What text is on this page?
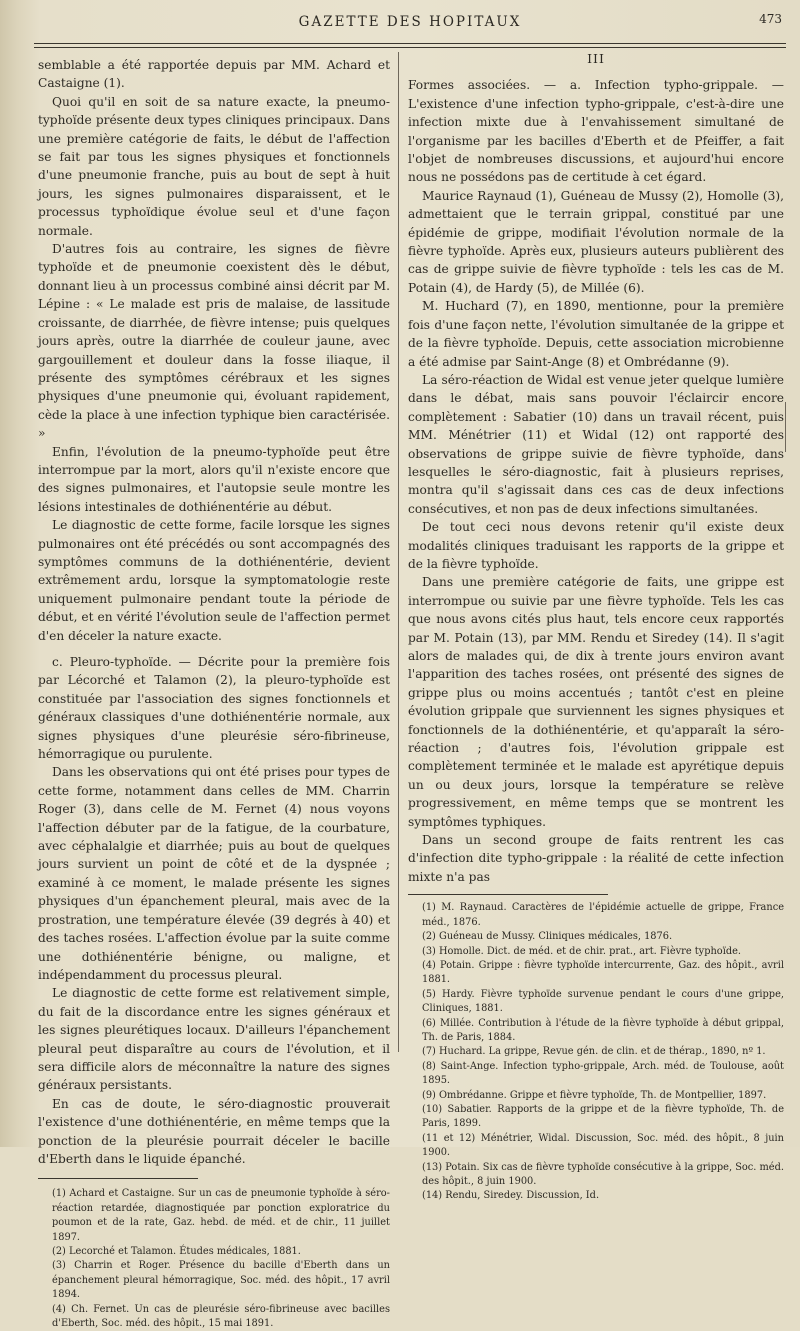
GAZETTE DES HOPITAUX	473

semblable a été rapportée depuis par MM. Achard et Castaigne (1).

Quoi qu'il en soit de sa nature exacte, la pneumo-typhoïde présente deux types cliniques principaux. Dans une première catégorie de faits, le début de l'affection se fait par tous les signes physiques et fonctionnels d'une pneumonie franche, puis au bout de sept à huit jours, les signes pulmonaires disparaissent, et le processus typhoïdique évolue seul et d'une façon normale.

D'autres fois au contraire, les signes de fièvre typhoïde et de pneumonie coexistent dès le début, donnant lieu à un processus combiné ainsi décrit par M. Lépine : « Le malade est pris de malaise, de lassitude croissante, de diarrhée, de fièvre intense; puis quelques jours après, outre la diarrhée de couleur jaune, avec gargouillement et douleur dans la fosse iliaque, il présente des symptômes cérébraux et les signes physiques d'une pneumonie qui, évoluant rapidement, cède la place à une infection typhique bien caractérisée. »

Enfin, l'évolution de la pneumo-typhoïde peut être interrompue par la mort, alors qu'il n'existe encore que des signes pulmonaires, et l'autopsie seule montre les lésions intestinales de dothiénentérie au début.

Le diagnostic de cette forme, facile lorsque les signes pulmonaires ont été précédés ou sont accompagnés des symptômes communs de la dothiénentérie, devient extrêmement ardu, lorsque la symptomatologie reste uniquement pulmonaire pendant toute la période de début, et en vérité l'évolution seule de l'affection permet d'en déceler la nature exacte.

c. Pleuro-typhoïde. — Décrite pour la première fois par Lécorché et Talamon (2), la pleuro-typhoïde est constituée par l'association des signes fonctionnels et généraux classiques d'une dothiénentérie normale, aux signes physiques d'une pleurésie séro-fibrineuse, hémorragique ou purulente.

Dans les observations qui ont été prises pour types de cette forme, notamment dans celles de MM. Charrin Roger (3), dans celle de M. Fernet (4) nous voyons l'affection débuter par de la fatigue, de la courbature, avec céphalalgie et diarrhée; puis au bout de quelques jours survient un point de côté et de la dyspnée ; examiné à ce moment, le malade présente les signes physiques d'un épanchement pleural, mais avec de la prostration, une température élevée (39 degrés à 40) et des taches rosées. L'affection évolue par la suite comme une dothiénentérie bénigne, ou maligne, et indépendamment du processus pleural.

Le diagnostic de cette forme est relativement simple, du fait de la discordance entre les signes généraux et les signes pleurétiques locaux. D'ailleurs l'épanchement pleural peut disparaître au cours de l'évolution, et il sera difficile alors de méconnaître la nature des signes généraux persistants.

En cas de doute, le séro-diagnostic prouverait l'existence d'une dothiénentérie, en même temps que la ponction de la pleurésie pourrait déceler le bacille d'Eberth dans le liquide épanché.

(1) Achard et Castaigne. Sur un cas de pneumonie typhoïde à séro-réaction retardée, diagnostiquée par ponction exploratrice du poumon et de la rate, Gaz. hebd. de méd. et de chir., 11 juillet 1897.

(2) Lecorché et Talamon. Études médicales, 1881.

(3) Charrin et Roger. Présence du bacille d'Eberth dans un épanchement pleural hémorragique, Soc. méd. des hôpit., 17 avril 1894.

(4) Ch. Fernet. Un cas de pleurésie séro-fibrineuse avec bacilles d'Eberth, Soc. méd. des hôpit., 15 mai 1891.

III

Formes associées. — a. Infection typho-grippale. — L'existence d'une infection typho-grippale, c'est-à-dire une infection mixte due à l'envahissement simultané de l'organisme par les bacilles d'Eberth et de Pfeiffer, a fait l'objet de nombreuses discussions, et aujourd'hui encore nous ne possédons pas de certitude à cet égard.

Maurice Raynaud (1), Guéneau de Mussy (2), Homolle (3), admettaient que le terrain grippal, constitué par une épidémie de grippe, modifiait l'évolution normale de la fièvre typhoïde. Après eux, plusieurs auteurs publièrent des cas de grippe suivie de fièvre typhoïde : tels les cas de M. Potain (4), de Hardy (5), de Millée (6).

M. Huchard (7), en 1890, mentionne, pour la première fois d'une façon nette, l'évolution simultanée de la grippe et de la fièvre typhoïde. Depuis, cette association microbienne a été admise par Saint-Ange (8) et Ombrédanne (9).

La séro-réaction de Widal est venue jeter quelque lumière dans le débat, mais sans pouvoir l'éclaircir encore complètement : Sabatier (10) dans un travail récent, puis MM. Ménétrier (11) et Widal (12) ont rapporté des observations de grippe suivie de fièvre typhoïde, dans lesquelles le séro-diagnostic, fait à plusieurs reprises, montra qu'il s'agissait dans ces cas de deux infections consécutives, et non pas de deux infections simultanées.

De tout ceci nous devons retenir qu'il existe deux modalités cliniques traduisant les rapports de la grippe et de la fièvre typhoïde.

Dans une première catégorie de faits, une grippe est interrompue ou suivie par une fièvre typhoïde. Tels les cas que nous avons cités plus haut, tels encore ceux rapportés par M. Potain (13), par MM. Rendu et Siredey (14). Il s'agit alors de malades qui, de dix à trente jours environ avant l'apparition des taches rosées, ont présenté des signes de grippe plus ou moins accentués ; tantôt c'est en pleine évolution grippale que surviennent les signes physiques et fonctionnels de la dothiénentérie, et qu'apparaît la séro-réaction ; d'autres fois, l'évolution grippale est complètement terminée et le malade est apyrétique depuis un ou deux jours, lorsque la température se relève progressivement, en même temps que se montrent les symptômes typhiques.

Dans un second groupe de faits rentrent les cas d'infection dite typho-grippale : la réalité de cette infection mixte n'a pas

(1) M. Raynaud. Caractères de l'épidémie actuelle de grippe, France méd., 1876.

(2) Guéneau de Mussy. Cliniques médicales, 1876.

(3) Homolle. Dict. de méd. et de chir. prat., art. Fièvre typhoïde.

(4) Potain. Grippe : fièvre typhoïde intercurrente, Gaz. des hôpit., avril 1881.

(5) Hardy. Fièvre typhoïde survenue pendant le cours d'une grippe, Cliniques, 1881.

(6) Millée. Contribution à l'étude de la fièvre typhoïde à début grippal, Th. de Paris, 1884.

(7) Huchard. La grippe, Revue gén. de clin. et de thérap., 1890, nº 1.

(8) Saint-Ange. Infection typho-grippale, Arch. méd. de Toulouse, août 1895.

(9) Ombrédanne. Grippe et fièvre typhoïde, Th. de Montpellier, 1897.

(10) Sabatier. Rapports de la grippe et de la fièvre typhoïde, Th. de Paris, 1899.

(11 et 12) Ménétrier, Widal. Discussion, Soc. méd. des hôpit., 8 juin 1900.

(13) Potain. Six cas de fièvre typhoïde consécutive à la grippe, Soc. méd. des hôpit., 8 juin 1900.

(14) Rendu, Siredey. Discussion, Id.
